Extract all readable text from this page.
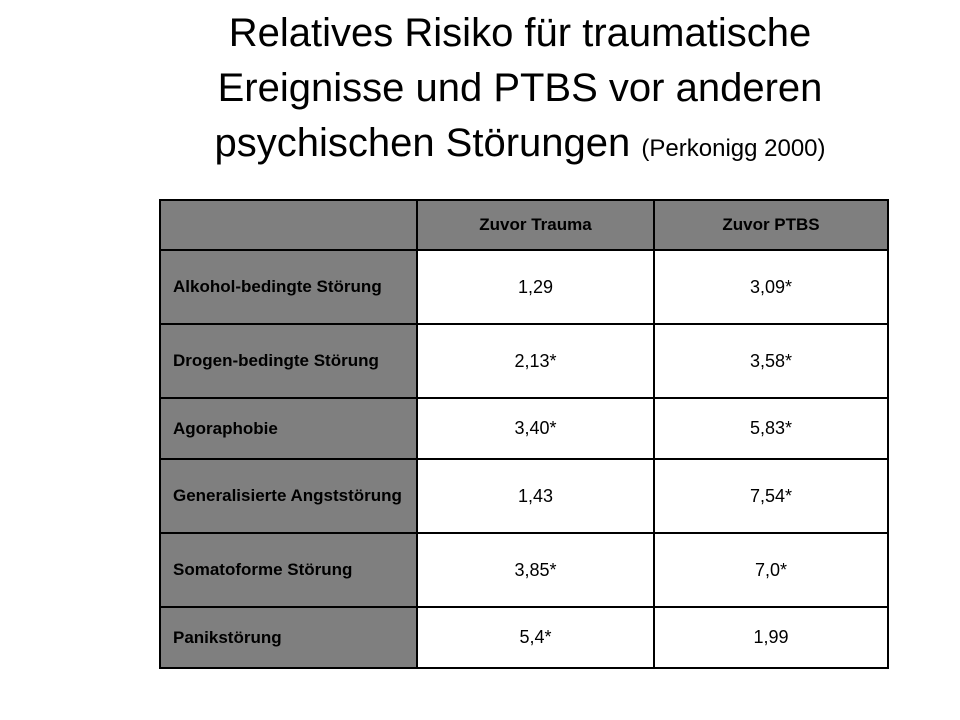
Relatives Risiko für traumatische
Ereignisse und PTBS vor anderen
psychischen Störungen (Perkonigg 2000)
	Zuvor Trauma	Zuvor PTBS
Alkohol-bedingte Störung	1,29	3,09*
Drogen-bedingte Störung	2,13*	3,58*
Agoraphobie	3,40*	5,83*
Generalisierte Angststörung	1,43	7,54*
Somatoforme Störung	3,85*	7,0*
Panikstörung	5,4*	1,99
